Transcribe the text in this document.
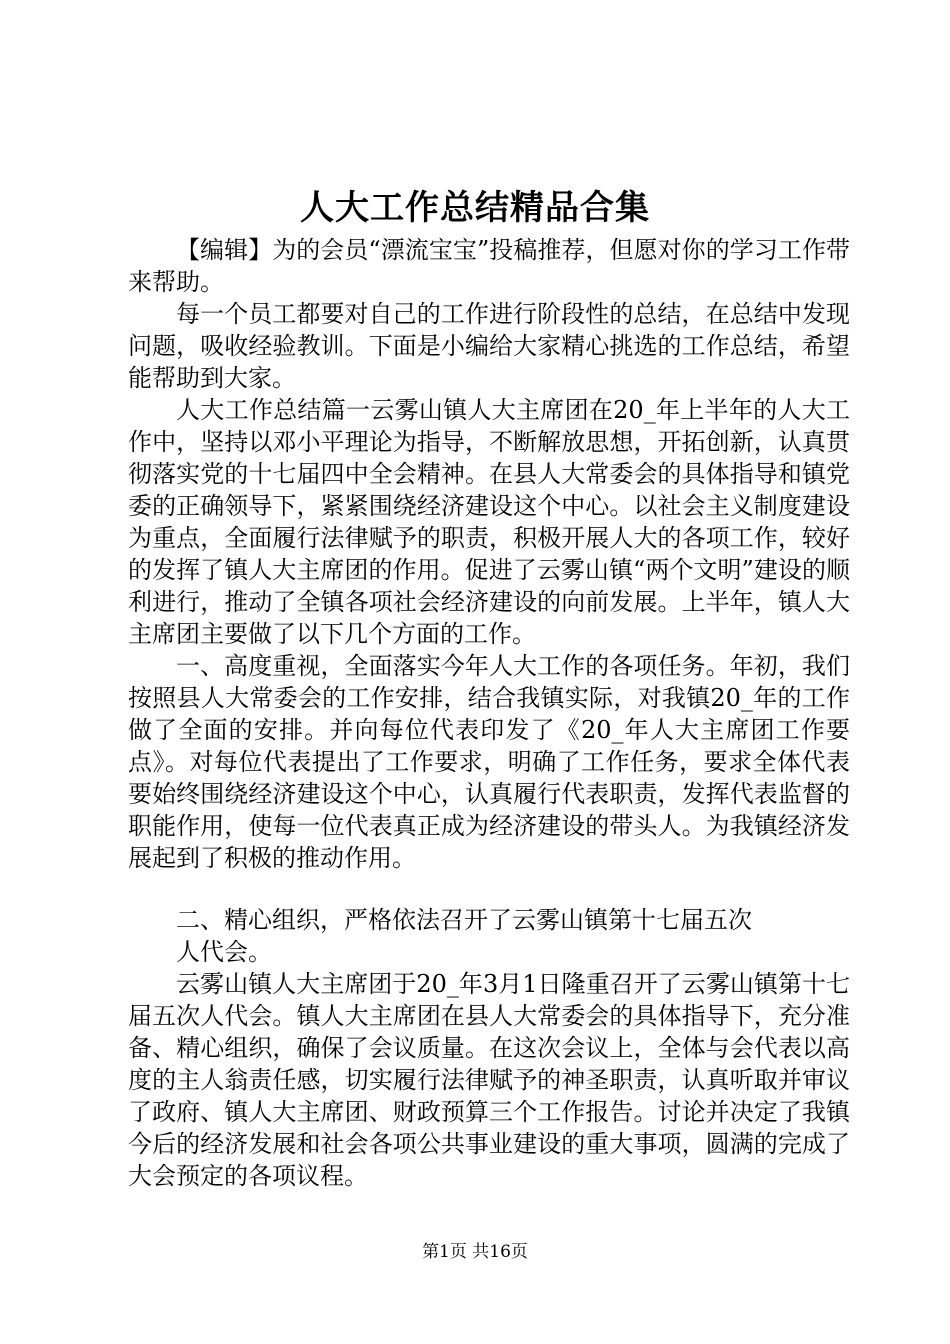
人大工作总结精品合集

【编辑】为的会员“漂流宝宝”投稿推荐，但愿对你的学习工作带来帮助。

每一个员工都要对自己的工作进行阶段性的总结，在总结中发现问题，吸收经验教训。下面是小编给大家精心挑选的工作总结，希望能帮助到大家。

人大工作总结篇一云雾山镇人大主席团在20_年上半年的人大工作中，坚持以邓小平理论为指导，不断解放思想，开拓创新，认真贯彻落实党的十七届四中全会精神。在县人大常委会的具体指导和镇党委的正确领导下，紧紧围绕经济建设这个中心。以社会主义制度建设为重点，全面履行法律赋予的职责，积极开展人大的各项工作，较好的发挥了镇人大主席团的作用。促进了云雾山镇“两个文明”建设的顺利进行，推动了全镇各项社会经济建设的向前发展。上半年，镇人大主席团主要做了以下几个方面的工作。

一、高度重视，全面落实今年人大工作的各项任务。年初，我们按照县人大常委会的工作安排，结合我镇实际，对我镇20_年的工作做了全面的安排。并向每位代表印发了《20_年人大主席团工作要点》。对每位代表提出了工作要求，明确了工作任务，要求全体代表要始终围绕经济建设这个中心，认真履行代表职责，发挥代表监督的职能作用，使每一位代表真正成为经济建设的带头人。为我镇经济发展起到了积极的推动作用。

二、精心组织，严格依法召开了云雾山镇第十七届五次

人代会。

云雾山镇人大主席团于20_年3月1日隆重召开了云雾山镇第十七届五次人代会。镇人大主席团在县人大常委会的具体指导下，充分准备、精心组织，确保了会议质量。在这次会议上，全体与会代表以高度的主人翁责任感，切实履行法律赋予的神圣职责，认真听取并审议了政府、镇人大主席团、财政预算三个工作报告。讨论并决定了我镇今后的经济发展和社会各项公共事业建设的重大事项，圆满的完成了大会预定的各项议程。

第1页 共16页
